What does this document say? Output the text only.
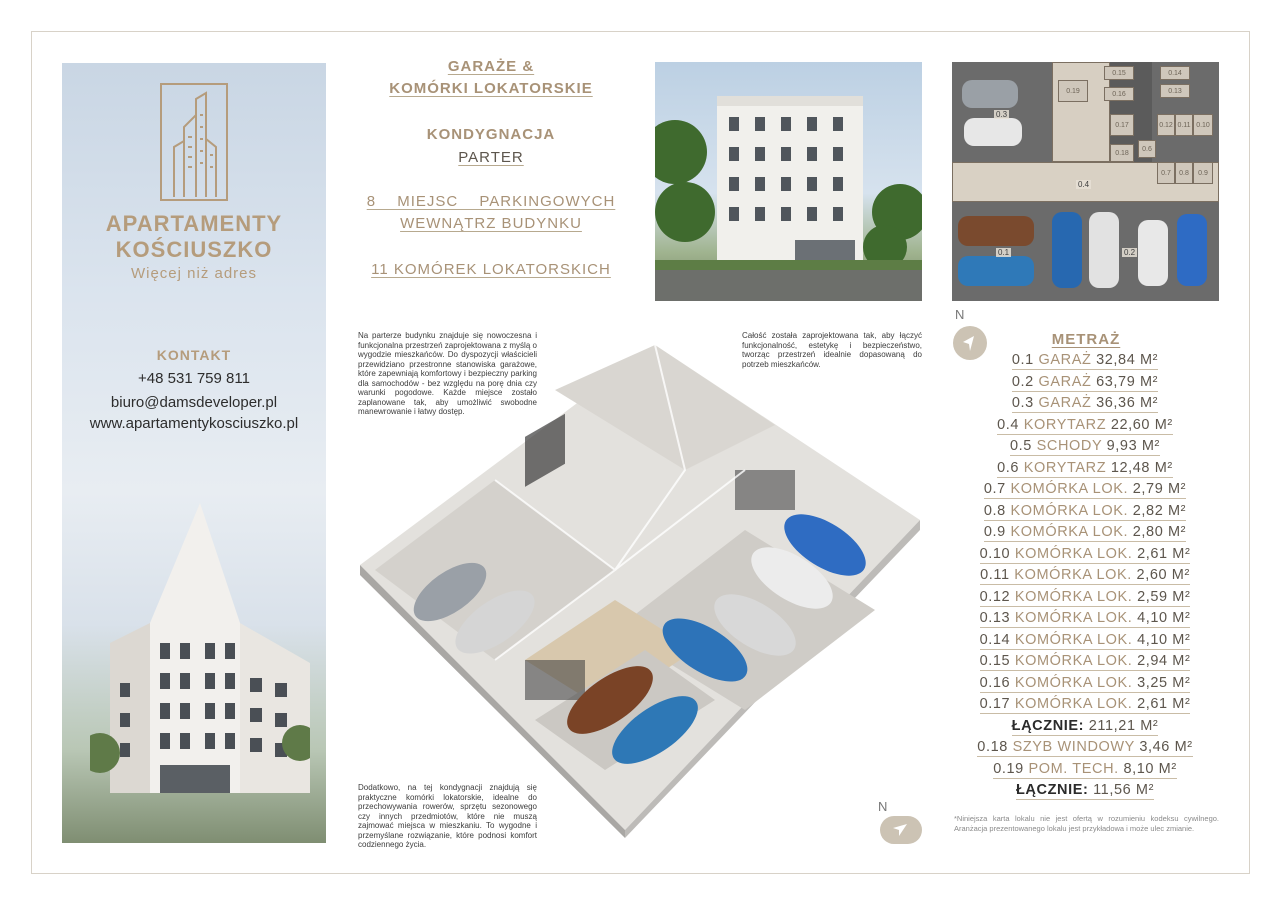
APARTAMENTY
KOŚCIUSZKO
Więcej niż adres
KONTAKT
+48 531 759 811
biuro@damsdeveloper.pl
www.apartamentykosciuszko.pl
GARAŻE &
KOMÓRKI LOKATORSKIE
KONDYGNACJA
PARTER
8 MIEJSC PARKINGOWYCH
WEWNĄTRZ BUDYNKU
11 KOMÓREK LOKATORSKICH
Na parterze budynku znajduje się nowoczesna i funkcjonalna przestrzeń zaprojektowana z myślą o wygodzie mieszkańców. Do dyspozycji właścicieli przewidziano przestronne stanowiska garażowe, które zapewniają komfortowy i bezpieczny parking dla samochodów - bez względu na porę dnia czy warunki pogodowe. Każde miejsce zostało zaplanowane tak, aby umożliwić swobodne manewrowanie i łatwy dostęp.
Całość została zaprojektowana tak, aby łączyć funkcjonalność, estetykę i bezpieczeństwo, tworząc przestrzeń idealnie dopasowaną do potrzeb mieszkańców.
Dodatkowo, na tej kondygnacji znajdują się praktyczne komórki lokatorskie, idealne do przechowywania rowerów, sprzętu sezonowego czy innych przedmiotów, które nie muszą zajmować miejsca w mieszkaniu. To wygodne i przemyślane rozwiązanie, które podnosi komfort codziennego życia.
0.15	0.14
0.13
0.16
0.12 0.11 0.10
0.17
0.18
0.6
0.7 0.8 0.9
0.19
0.3
0.4
0.1	0.2
N
N
METRAŻ
0.1 GARAŻ 32,84 M²
0.2 GARAŻ 63,79 M²
0.3 GARAŻ 36,36 M²
0.4 KORYTARZ 22,60 M²
0.5 SCHODY 9,93 M²
0.6 KORYTARZ 12,48 M²
0.7 KOMÓRKA LOK. 2,79 M²
0.8 KOMÓRKA LOK. 2,82 M²
0.9 KOMÓRKA LOK. 2,80 M²
0.10 KOMÓRKA LOK. 2,61 M²
0.11 KOMÓRKA LOK. 2,60 M²
0.12 KOMÓRKA LOK. 2,59 M²
0.13 KOMÓRKA LOK. 4,10 M²
0.14 KOMÓRKA LOK. 4,10 M²
0.15 KOMÓRKA LOK. 2,94 M²
0.16 KOMÓRKA LOK. 3,25 M²
0.17 KOMÓRKA LOK. 2,61 M²
ŁĄCZNIE: 211,21 M²
0.18 SZYB WINDOWY 3,46 M²
0.19 POM. TECH. 8,10 M²
ŁĄCZNIE: 11,56 M²
*Niniejsza karta lokalu nie jest ofertą w rozumieniu kodeksu cywilnego. Aranżacja prezentowanego lokalu jest przykładowa i może ulec zmianie.
